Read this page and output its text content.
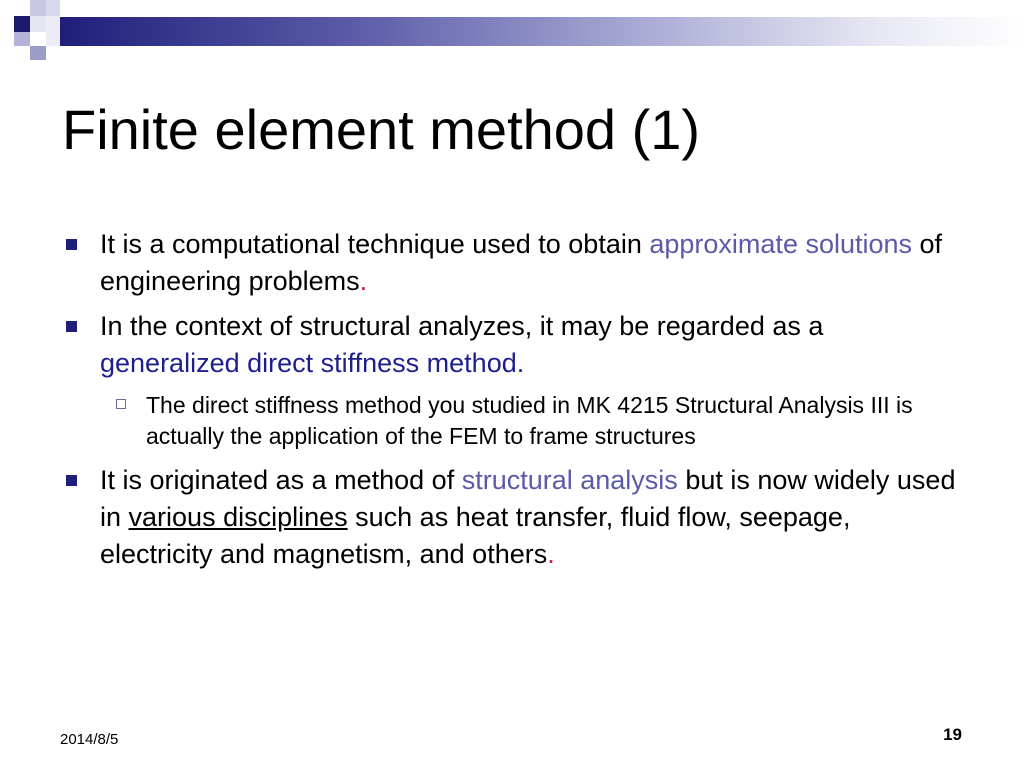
Finite element method (1)
It is a computational technique used to obtain approximate solutions of engineering problems.
In the context of structural analyzes, it may be regarded as a generalized direct stiffness method.
The direct stiffness method you studied in MK 4215 Structural Analysis III is actually the application of the FEM to frame structures
It is originated as a method of structural analysis but is now widely used in various disciplines such as heat transfer, fluid flow, seepage, electricity and magnetism, and others.
2014/8/5	19
